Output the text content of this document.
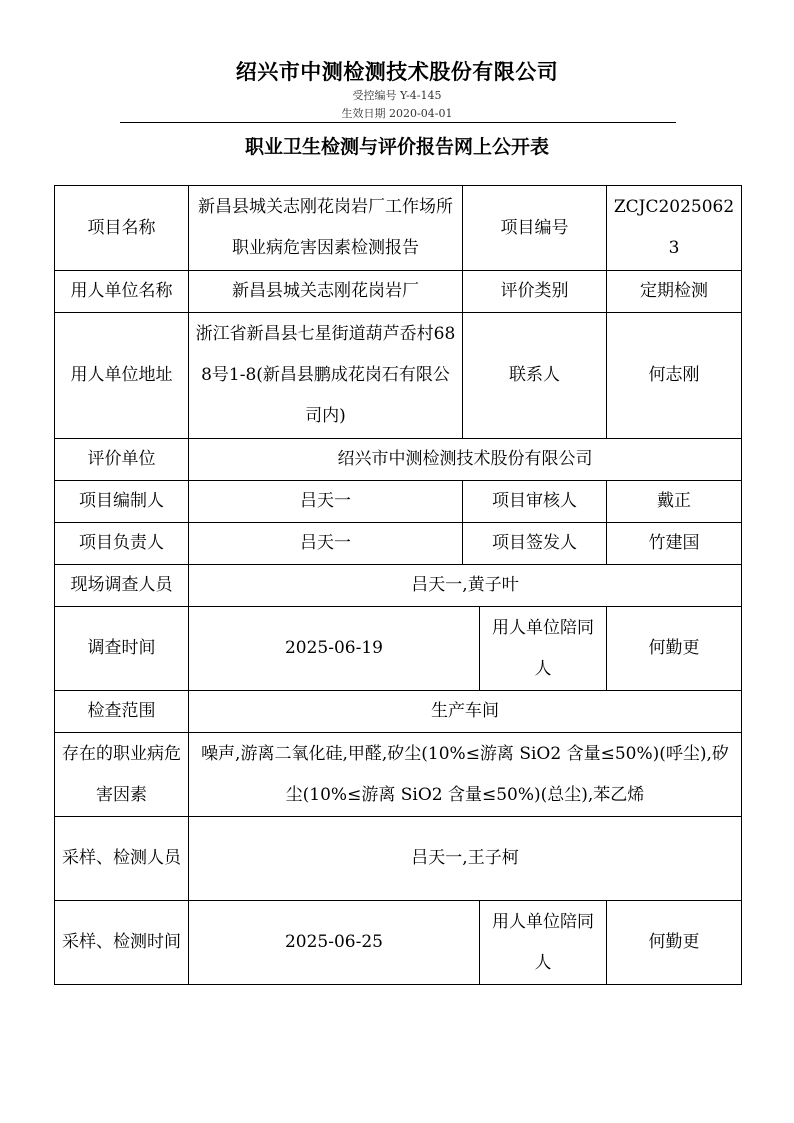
绍兴市中测检测技术股份有限公司
受控编号 Y-4-145
生效日期 2020-04-01
职业卫生检测与评价报告网上公开表
项目名称	新昌县城关志刚花岗岩厂工作场所职业病危害因素检测报告	项目编号		ZCJC20250623
用人单位名称	新昌县城关志刚花岗岩厂	评价类别		定期检测
用人单位地址	浙江省新昌县七星街道葫芦岙村688号1-8(新昌县鹏成花岗石有限公司内)	联系人		何志刚
评价单位	绍兴市中测检测技术股份有限公司			
项目编制人	吕天一	项目审核人		戴正
项目负责人	吕天一	项目签发人		竹建国
现场调查人员	吕天一,黄子叶			
调查时间	2025-06-19		用人单位陪同人	何勤更
检查范围	生产车间			
存在的职业病危害因素	噪声,游离二氧化硅,甲醛,矽尘(10%≤游离 SiO2 含量≤50%)(呼尘),矽尘(10%≤游离 SiO2 含量≤50%)(总尘),苯乙烯			
采样、检测人员	吕天一,王子柯			
采样、检测时间	2025-06-25		用人单位陪同人	何勤更
